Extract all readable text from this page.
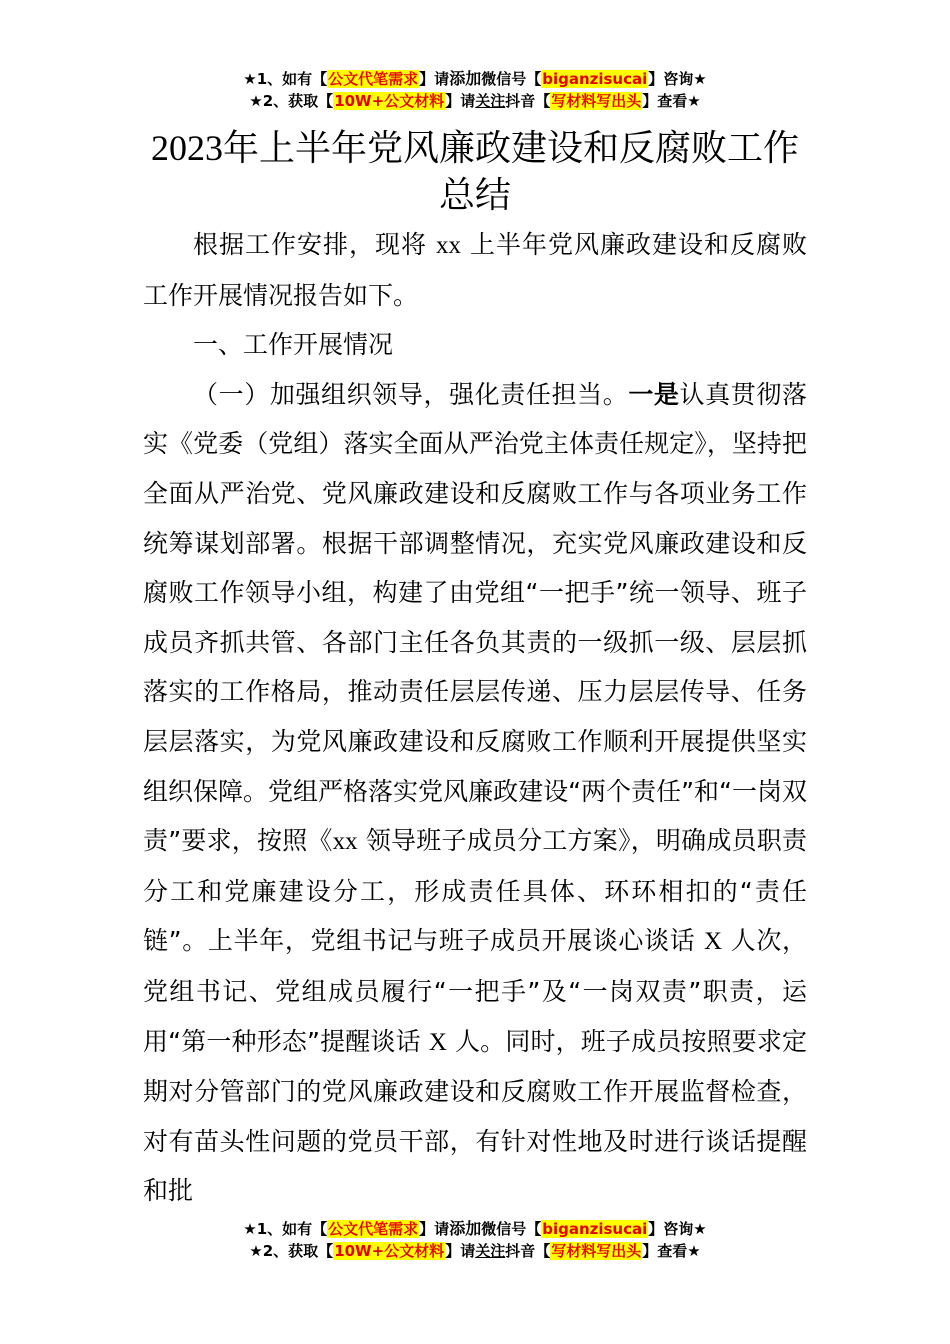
★1、如有【公文代笔需求】请添加微信号【biganzisucai】咨询★
★2、获取【10W+公文材料】请关注抖音【写材料写出头】查看★
2023年上半年党风廉政建设和反腐败工作
总结

根据工作安排，现将 xx 上半年党风廉政建设和反腐败工作开展情况报告如下。

一、工作开展情况

（一）加强组织领导，强化责任担当。一是认真贯彻落实《党委（党组）落实全面从严治党主体责任规定》，坚持把全面从严治党、党风廉政建设和反腐败工作与各项业务工作统筹谋划部署。根据干部调整情况，充实党风廉政建设和反腐败工作领导小组，构建了由党组“一把手”统一领导、班子成员齐抓共管、各部门主任各负其责的一级抓一级、层层抓落实的工作格局，推动责任层层传递、压力层层传导、任务层层落实，为党风廉政建设和反腐败工作顺利开展提供坚实组织保障。党组严格落实党风廉政建设“两个责任”和“一岗双责”要求，按照《xx 领导班子成员分工方案》，明确成员职责分工和党廉建设分工，形成责任具体、环环相扣的“责任链”。上半年，党组书记与班子成员开展谈心谈话 X 人次，党组书记、党组成员履行“一把手”及“一岗双责”职责，运用“第一种形态”提醒谈话 X 人。同时，班子成员按照要求定期对分管部门的党风廉政建设和反腐败工作开展监督检查，对有苗头性问题的党员干部，有针对性地及时进行谈话提醒和批

★1、如有【公文代笔需求】请添加微信号【biganzisucai】咨询★
★2、获取【10W+公文材料】请关注抖音【写材料写出头】查看★
